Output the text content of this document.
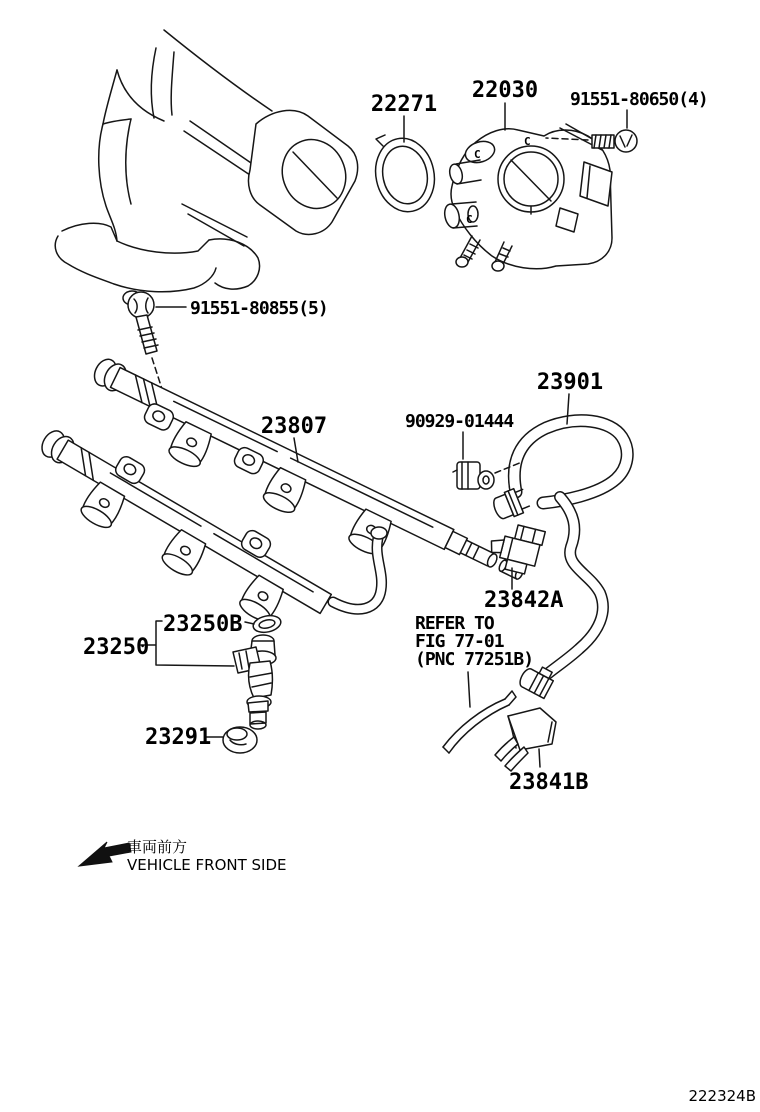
C
C
C
22271
22030 91551-80650(4)
91551-80855(5)
23901
23807	90929-01444
23842A
23250
23250B
23291
23841B
REFER TO
FIG 77-01
(PNC 77251B)
車両前方
VEHICLE FRONT SIDE
222324B
